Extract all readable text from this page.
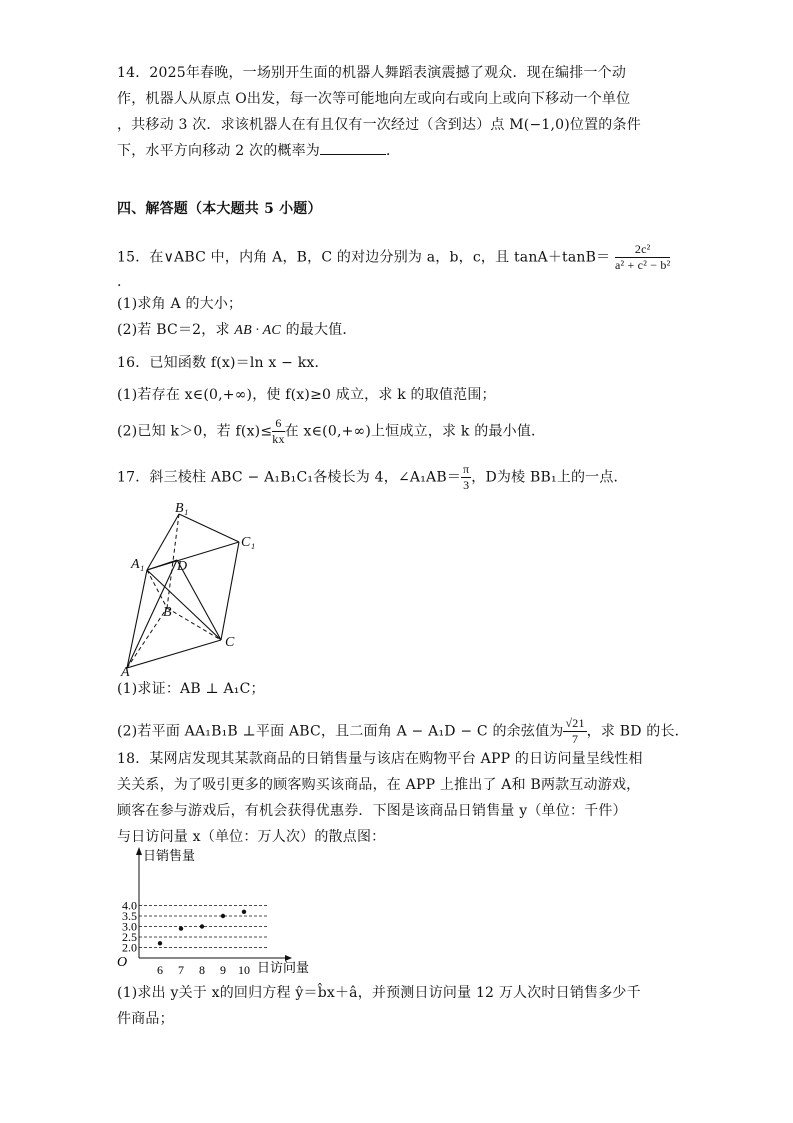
14．2025年春晚，一场别开生面的机器人舞蹈表演震撼了观众．现在编排一个动
作，机器人从原点 O出发，每一次等可能地向左或向右或向上或向下移动一个单位
，共移动 3 次．求该机器人在有且仅有一次经过（含到达）点 M(−1,0)位置的条件
下，水平方向移动 2 次的概率为	．
四、解答题（本大题共 5 小题）
15．在∨ABC 中，内角 A，B，C 的对边分别为 a，b，c，且 $\tan A+\tan B= \frac{\text{2c²}}{\text{a² + c² − b²}}$
.
(1)求角 A 的大小；
(2)若 BC＝2，求 AB · AC 的最大值．
16．已知函数 f(x)＝ln x − kx．
(1)若存在 x∈(0,+∞)，使 f(x)≥0 成立，求 k 的取值范围；
(2)已知 k＞0，若 $f(x)\le \frac{6}{kx}$ 在 x∈(0,+∞)上恒成立，求 k 的最小值．
17．斜三棱柱 ABC − A₁B₁C₁各棱长为 4，∠A₁AB＝ $\frac{\pi}{3}$ ，D为棱 BB₁上的一点．
B₁
C₁
A₁ D
B
C
A
(1)求证：AB ⊥ A₁C；
(2)若平面 AA₁B₁B ⊥平面 ABC，且二面角 A − A₁D − C 的余弦值为 $\frac{√21}{7}$ ，求 BD 的长．
18．某网店发现其某款商品的日销售量与该店在购物平台 APP 的日访问量呈线性相
关关系，为了吸引更多的顾客购买该商品，在 APP 上推出了 A和 B两款互动游戏，
顾客在参与游戏后，有机会获得优惠券．下图是该商品日销售量 y（单位：千件）
与日访问量 x（单位：万人次）的散点图：
6 7 8 9 10
2.0
2.5
3.0
3.5
4.0
日销售量
日访问量
O
(1)求出 y关于 x的回归方程 ŷ＝b̂x＋â，并预测日访问量 12 万人次时日销售多少千
件商品；
